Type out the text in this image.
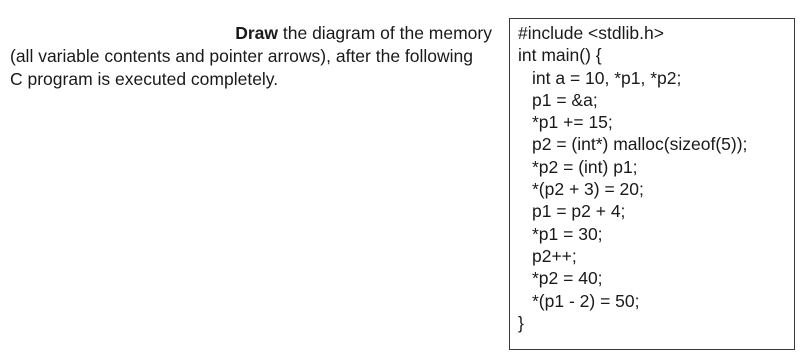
Draw the diagram of the memory
(all variable contents and pointer arrows), after the following
C program is executed completely.
#include <stdlib.h>
int main() {
int a = 10, *p1, *p2;
p1 = &a;
*p1 += 15;
p2 = (int*) malloc(sizeof(5));
*p2 = (int) p1;
*(p2 + 3) = 20;
p1 = p2 + 4;
*p1 = 30;
p2++;
*p2 = 40;
*(p1 - 2) = 50;
}
